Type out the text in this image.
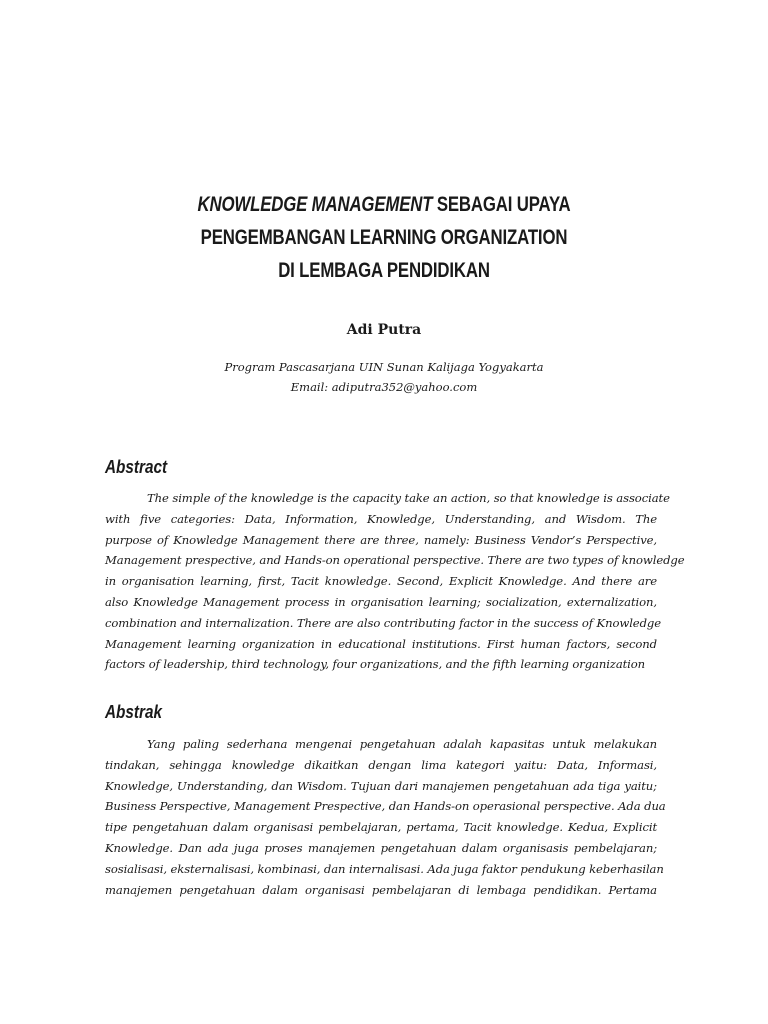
KNOWLEDGE MANAGEMENT SEBAGAI UPAYA
PENGEMBANGAN LEARNING ORGANIZATION
DI LEMBAGA PENDIDIKAN
Adi Putra
Program Pascasarjana UIN Sunan Kalijaga Yogyakarta
Email: adiputra352@yahoo.com
Abstract
The simple of the knowledge is the capacity take an action, so that knowledge is associate
with five categories: Data, Information, Knowledge, Understanding, and Wisdom. The
purpose of Knowledge Management there are three, namely: Business Vendor’s Perspective,
Management prespective, and Hands-on operational perspective. There are two types of knowledge
in organisation learning, first, Tacit knowledge. Second, Explicit Knowledge. And there are
also Knowledge Management process in organisation learning; socialization, externalization,
combination and internalization. There are also contributing factor in the success of Knowledge
Management learning organization in educational institutions. First human factors, second
factors of leadership, third technology, four organizations, and the fifth learning organization
Abstrak
Yang paling sederhana mengenai pengetahuan adalah kapasitas untuk melakukan
tindakan, sehingga knowledge dikaitkan dengan lima kategori yaitu: Data, Informasi,
Knowledge, Understanding, dan Wisdom. Tujuan dari manajemen pengetahuan ada tiga yaitu;
Business Perspective, Management Prespective, dan Hands-on operasional perspective. Ada dua
tipe pengetahuan dalam organisasi pembelajaran, pertama, Tacit knowledge. Kedua, Explicit
Knowledge. Dan ada juga proses manajemen pengetahuan dalam organisasis pembelajaran;
sosialisasi, eksternalisasi, kombinasi, dan internalisasi. Ada juga faktor pendukung keberhasilan
manajemen pengetahuan dalam organisasi pembelajaran di lembaga pendidikan. Pertama
